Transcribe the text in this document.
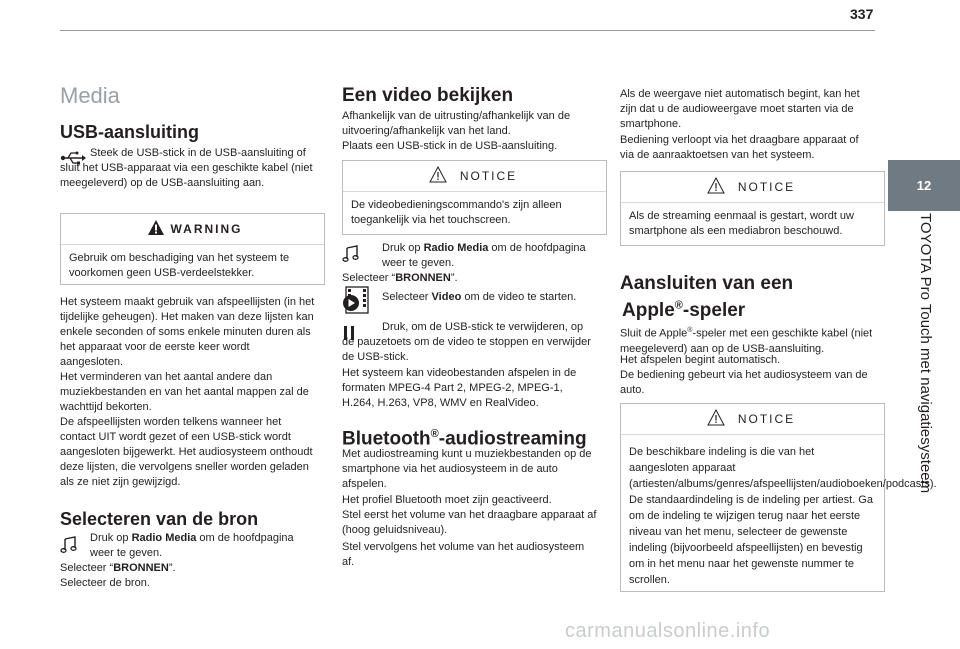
337
12
TOYOTA Pro Touch met navigatiesysteem
Media
USB-aansluiting

Steek de USB-stick in de USB-aansluiting of sluit het USB-apparaat via een geschikte kabel (niet meegeleverd) op de USB-aansluiting aan.

WARNING
Gebruik om beschadiging van het systeem te voorkomen geen USB-verdeelstekker.

Het systeem maakt gebruik van afspeellijsten (in het tijdelijke geheugen). Het maken van deze lijsten kan enkele seconden of soms enkele minuten duren als het apparaat voor de eerste keer wordt aangesloten.

Het verminderen van het aantal andere dan muziekbestanden en van het aantal mappen zal de wachttijd bekorten.

De afspeellijsten worden telkens wanneer het contact UIT wordt gezet of een USB-stick wordt aangesloten bijgewerkt. Het audiosysteem onthoudt deze lijsten, die vervolgens sneller worden geladen als ze niet zijn gewijzigd.

Selecteren van de bron

Druk op Radio Media om de hoofdpagina weer te geven.
Selecteer “BRONNEN”.
Selecteer de bron.

Een video bekijken

Afhankelijk van de uitrusting/afhankelijk van de uitvoering/afhankelijk van het land.

Plaats een USB-stick in de USB-aansluiting.

NOTICE
De videobedieningscommando's zijn alleen toegankelijk via het touchscreen.

Druk op Radio Media om de hoofdpagina weer te geven.
Selecteer “BRONNEN”.

Selecteer Video om de video te starten.

Druk, om de USB-stick te verwijderen, op de pauzetoets om de video te stoppen en verwijder de USB-stick.

Het systeem kan videobestanden afspelen in de formaten MPEG-4 Part 2, MPEG-2, MPEG-1, H.264, H.263, VP8, WMV en RealVideo.

Bluetooth®-audiostreaming

Met audiostreaming kunt u muziekbestanden op de smartphone via het audiosysteem in de auto afspelen.

Het profiel Bluetooth moet zijn geactiveerd.

Stel eerst het volume van het draagbare apparaat af (hoog geluidsniveau).

Stel vervolgens het volume van het audiosysteem af.

Als de weergave niet automatisch begint, kan het zijn dat u de audioweergave moet starten via de smartphone.

Bediening verloopt via het draagbare apparaat of via de aanraaktoetsen van het systeem.

NOTICE
Als de streaming eenmaal is gestart, wordt uw smartphone als een mediabron beschouwd.
Aansluiten van een
Apple®-speler

Sluit de Apple®-speler met een geschikte kabel (niet meegeleverd) aan op de USB-aansluiting.

Het afspelen begint automatisch.

De bediening gebeurt via het audiosysteem van de auto.

NOTICE
De beschikbare indeling is die van het aangesloten apparaat (artiesten/albums/genres/afspeellijsten/audioboeken/podcasts). De standaardindeling is de indeling per artiest. Ga om de indeling te wijzigen terug naar het eerste niveau van het menu, selecteer de gewenste indeling (bijvoorbeeld afspeellijsten) en bevestig om in het menu naar het gewenste nummer te scrollen.
carmanualsonline.info
